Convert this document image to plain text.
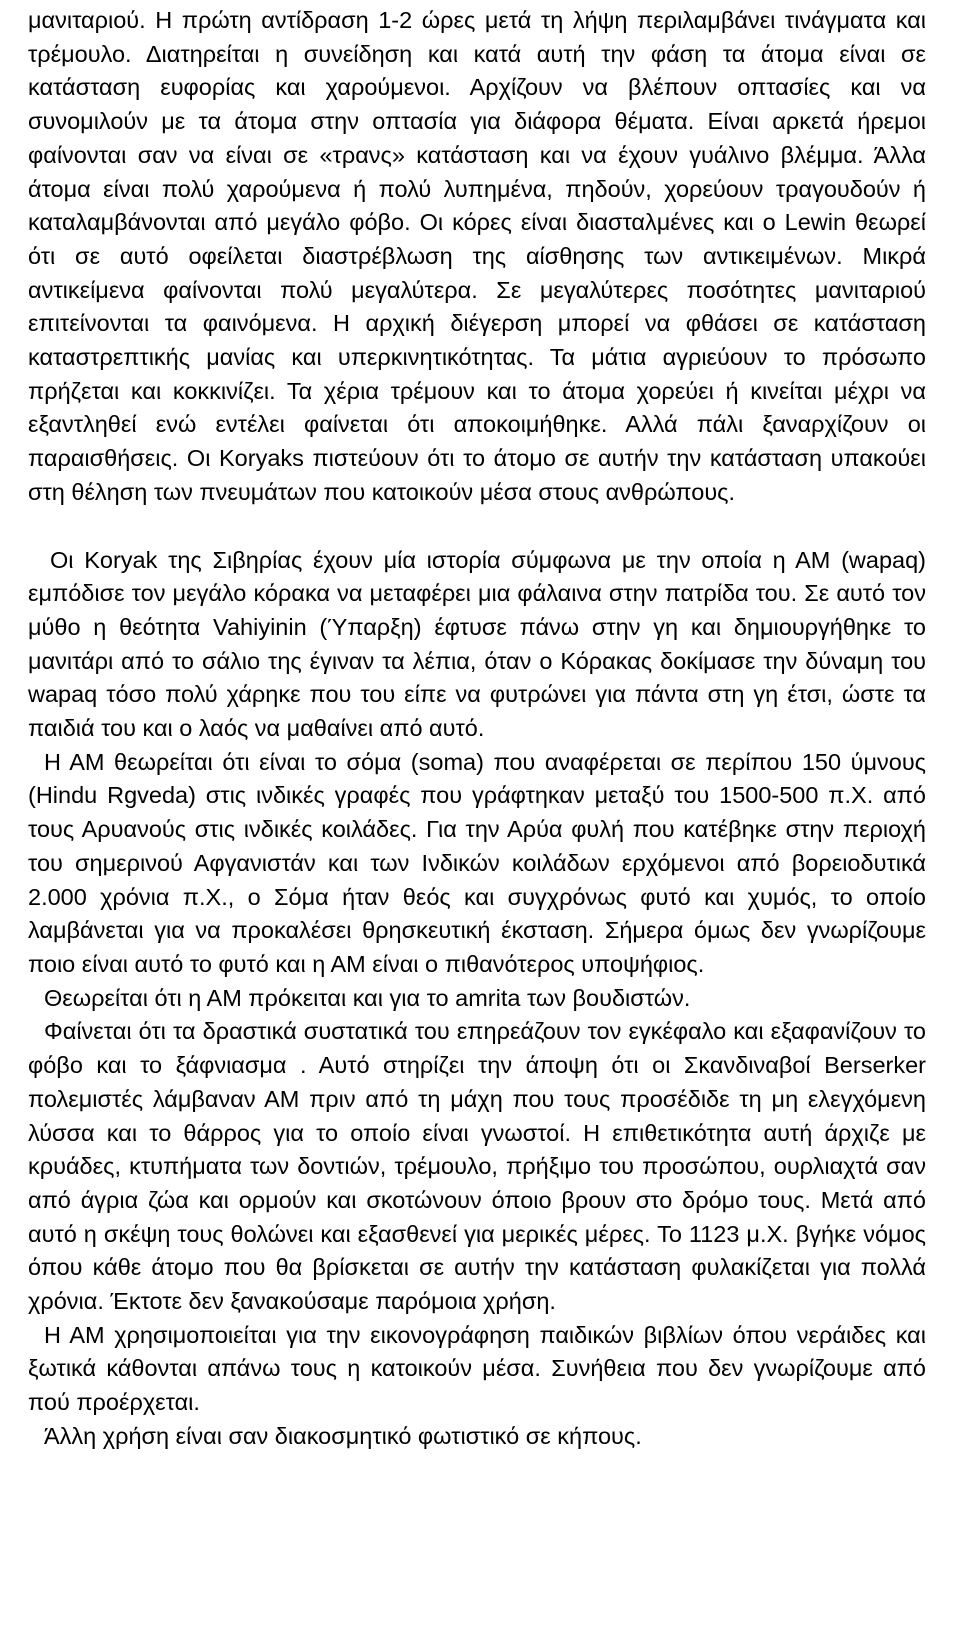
μανιταριού. Η πρώτη αντίδραση 1-2 ώρες μετά τη λήψη περιλαμβάνει τινάγματα και τρέμουλο. Διατηρείται η συνείδηση και κατά αυτή την φάση τα άτομα είναι σε κατάσταση ευφορίας και χαρούμενοι. Αρχίζουν να βλέπουν οπτασίες και να συνομιλούν με τα άτομα στην οπτασία για διάφορα θέματα. Είναι αρκετά ήρεμοι φαίνονται σαν να είναι σε «τρανς» κατάσταση και να έχουν γυάλινο βλέμμα. Άλλα άτομα είναι πολύ χαρούμενα ή πολύ λυπημένα, πηδούν, χορεύουν τραγουδούν ή καταλαμβάνονται από μεγάλο φόβο. Οι κόρες είναι διασταλμένες και ο Lewin θεωρεί ότι σε αυτό οφείλεται διαστρέβλωση της αίσθησης των αντικειμένων. Μικρά αντικείμενα φαίνονται πολύ μεγαλύτερα. Σε μεγαλύτερες ποσότητες μανιταριού επιτείνονται τα φαινόμενα. Η αρχική διέγερση μπορεί να φθάσει σε κατάσταση καταστρεπτικής μανίας και υπερκινητικότητας. Τα μάτια αγριεύουν το πρόσωπο πρήζεται και κοκκινίζει. Τα χέρια τρέμουν και το άτομα χορεύει ή κινείται μέχρι να εξαντληθεί ενώ εντέλει φαίνεται ότι αποκοιμήθηκε. Αλλά πάλι ξαναρχίζουν οι παραισθήσεις. Οι Koryaks πιστεύουν ότι το άτομο σε αυτήν την κατάσταση υπακούει στη θέληση των πνευμάτων που κατοικούν μέσα στους ανθρώπους.

Οι Koryak της Σιβηρίας έχουν μία ιστορία σύμφωνα με την οποία η ΑΜ (wapaq) εμπόδισε τον μεγάλο κόρακα να μεταφέρει μια φάλαινα στην πατρίδα του. Σε αυτό τον μύθο η θεότητα Vahiyinin (Ύπαρξη) έφτυσε πάνω στην γη και δημιουργήθηκε το μανιτάρι από το σάλιο της έγιναν τα λέπια, όταν ο Κόρακας δοκίμασε την δύναμη του wapaq τόσο πολύ χάρηκε που του είπε να φυτρώνει για πάντα στη γη έτσι, ώστε τα παιδιά του και ο λαός να μαθαίνει από αυτό.

Η ΑΜ θεωρείται ότι είναι το σόμα (soma) που αναφέρεται σε περίπου 150 ύμνους (Hindu Rgveda) στις ινδικές γραφές που γράφτηκαν μεταξύ του 1500-500 π.Χ. από τους Αρυανούς στις ινδικές κοιλάδες. Για την Αρύα φυλή που κατέβηκε στην περιοχή του σημερινού Αφγανιστάν και των Ινδικών κοιλάδων ερχόμενοι από βορειοδυτικά 2.000 χρόνια π.Χ., ο Σόμα ήταν θεός και συγχρόνως φυτό και χυμός, το οποίο λαμβάνεται για να προκαλέσει θρησκευτική έκσταση. Σήμερα όμως δεν γνωρίζουμε ποιο είναι αυτό το φυτό και η ΑΜ είναι ο πιθανότερος υποψήφιος.

Θεωρείται ότι η ΑΜ πρόκειται και για το amrita των βουδιστών.

Φαίνεται ότι τα δραστικά συστατικά του επηρεάζουν τον εγκέφαλο και εξαφανίζουν το φόβο και το ξάφνιασμα . Αυτό στηρίζει την άποψη ότι οι Σκανδιναβοί Berserker πολεμιστές λάμβαναν ΑΜ πριν από τη μάχη που τους προσέδιδε τη μη ελεγχόμενη λύσσα και το θάρρος για το οποίο είναι γνωστοί. Η επιθετικότητα αυτή άρχιζε με κρυάδες, κτυπήματα των δοντιών, τρέμουλο, πρήξιμο του προσώπου, ουρλιαχτά σαν από άγρια ζώα και ορμούν και σκοτώνουν όποιο βρουν στο δρόμο τους. Μετά από αυτό η σκέψη τους θολώνει και εξασθενεί για μερικές μέρες. Το 1123 μ.Χ. βγήκε νόμος όπου κάθε άτομο που θα βρίσκεται σε αυτήν την κατάσταση φυλακίζεται για πολλά χρόνια. Έκτοτε δεν ξανακούσαμε παρόμοια χρήση.

Η ΑΜ χρησιμοποιείται για την εικονογράφηση παιδικών βιβλίων όπου νεράιδες και ξωτικά κάθονται απάνω τους η κατοικούν μέσα. Συνήθεια που δεν γνωρίζουμε από πού προέρχεται.

Άλλη χρήση είναι σαν διακοσμητικό φωτιστικό σε κήπους.
